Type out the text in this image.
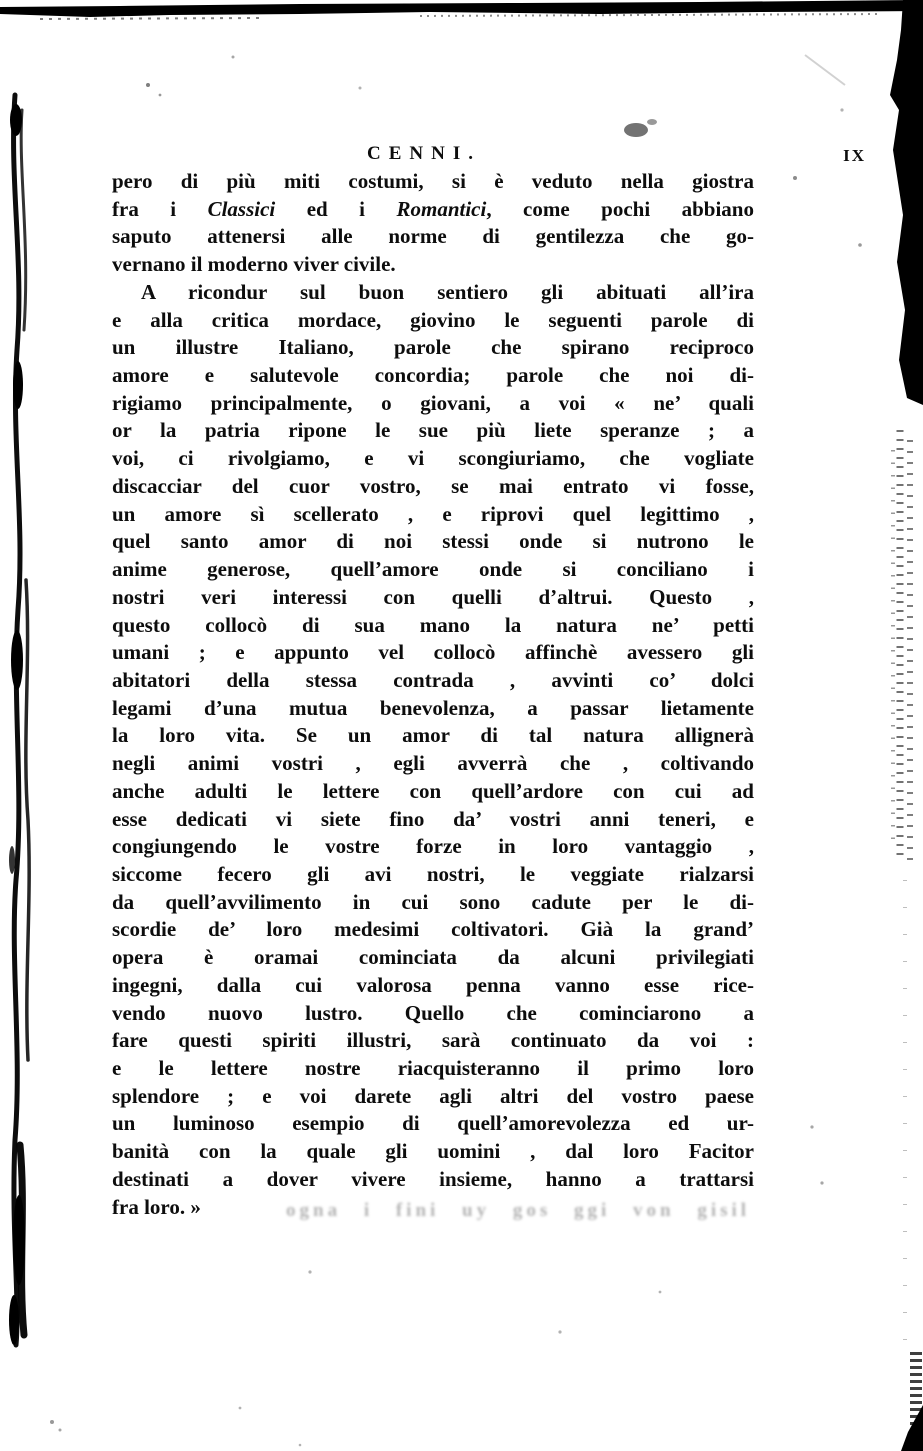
CENNI.	IX
pero di più miti costumi, si è veduto nella giostra
fra i Classici ed i Romantici, come pochi abbiano
saputo attenersi alle norme di gentilezza che go-
vernano il moderno viver civile.
A ricondur sul buon sentiero gli abituati all’ira
e alla critica mordace, giovino le seguenti parole di
un illustre Italiano, parole che spirano reciproco
amore e salutevole concordia; parole che noi di-
rigiamo principalmente, o giovani, a voi « ne’ quali
or la patria ripone le sue più liete speranze ; a
voi, ci rivolgiamo, e vi scongiuriamo, che vogliate
discacciar del cuor vostro, se mai entrato vi fosse,
un amore sì scellerato , e riprovi quel legittimo ,
quel santo amor di noi stessi onde si nutrono le
anime generose, quell’amore onde si conciliano i
nostri veri interessi con quelli d’altrui. Questo ,
questo collocò di sua mano la natura ne’ petti
umani ; e appunto vel collocò affinchè avessero gli
abitatori della stessa contrada , avvinti co’ dolci
legami d’una mutua benevolenza, a passar lietamente
la loro vita. Se un amor di tal natura allignerà
negli animi vostri , egli avverrà che , coltivando
anche adulti le lettere con quell’ardore con cui ad
esse dedicati vi siete fino da’ vostri anni teneri, e
congiungendo le vostre forze in loro vantaggio ,
siccome fecero gli avi nostri, le veggiate rialzarsi
da quell’avvilimento in cui sono cadute per le di-
scordie de’ loro medesimi coltivatori. Già la grand’
opera è oramai cominciata da alcuni privilegiati
ingegni, dalla cui valorosa penna vanno esse rice-
vendo nuovo lustro. Quello che cominciarono a
fare questi spiriti illustri, sarà continuato da voi :
e le lettere nostre riacquisteranno il primo loro
splendore ; e voi darete agli altri del vostro paese
un luminoso esempio di quell’amorevolezza ed ur-
banità con la quale gli uomini , dal loro Facitor
destinati a dover vivere insieme, hanno a trattarsi
fra loro. »	ogna i fini uy gos ggi von gisil
